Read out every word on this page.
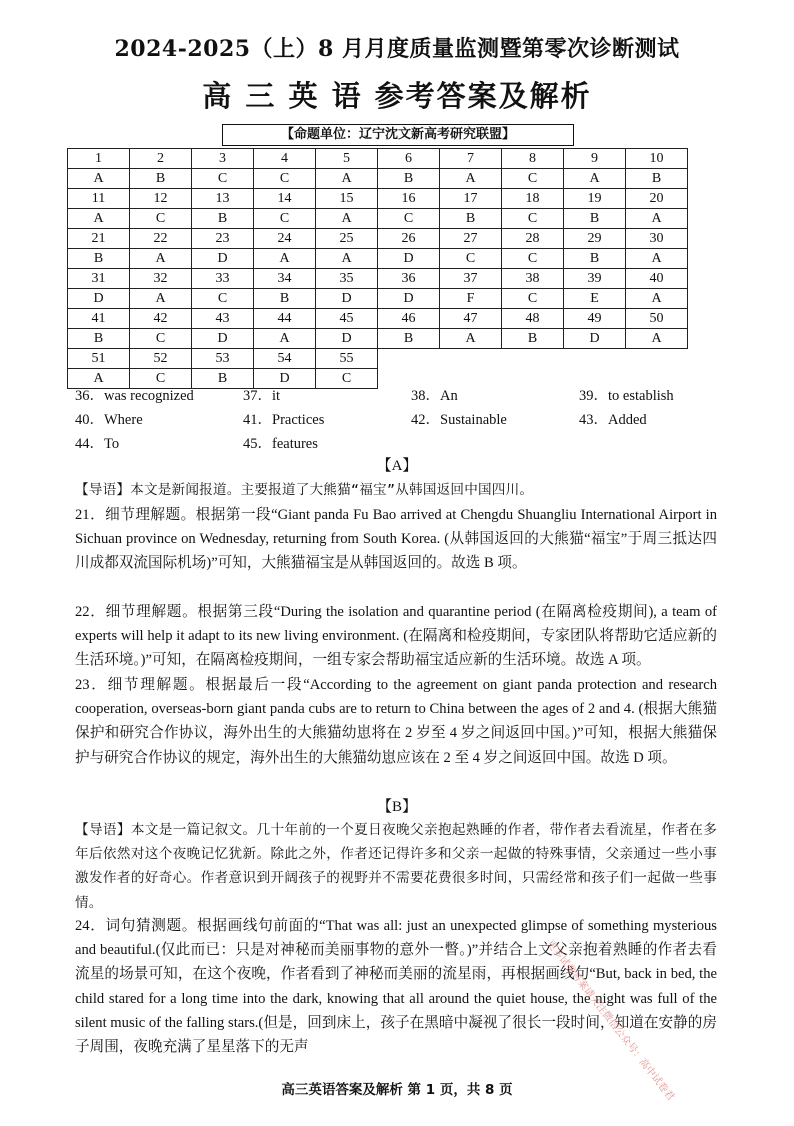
2024-2025（上）8 月月度质量监测暨第零次诊断测试
高 三 英 语 参考答案及解析
【命题单位：辽宁沈文新高考研究联盟】
1	2	3	4	5	6	7	8	9	10
A	B	C	C	A	B	A	C	A	B
11	12	13	14	15	16	17	18	19	20
A	C	B	C	A	C	B	C	B	A
21	22	23	24	25	26	27	28	29	30
B	A	D	A	A	D	C	C	B	A
31	32	33	34	35	36	37	38	39	40
D	A	C	B	D	D	F	C	E	A
41	42	43	44	45	46	47	48	49	50
B	C	D	A	D	B	A	B	D	A
51	52	53	54	55					
A	C	B	D	C					
36．was recognized	37．it	38．An	39．to establish
40．Where	41．Practices	42．Sustainable	43．Added
44．To	45．features
【A】
【导语】本文是新闻报道。主要报道了大熊猫“福宝”从韩国返回中国四川。
21．细节理解题。根据第一段“Giant panda Fu Bao arrived at Chengdu Shuangliu International Airport in Sichuan province on Wednesday, returning from South Korea. (从韩国返回的大熊猫“福宝”于周三抵达四川成都双流国际机场)”可知，大熊猫福宝是从韩国返回的。故选 B 项。
22．细节理解题。根据第三段“During the isolation and quarantine period (在隔离检疫期间), a team of experts will help it adapt to its new living environment. (在隔离和检疫期间，专家团队将帮助它适应新的生活环境。)”可知，在隔离检疫期间，一组专家会帮助福宝适应新的生活环境。故选 A 项。
23．细节理解题。根据最后一段“According to the agreement on giant panda protection and research cooperation, overseas-born giant panda cubs are to return to China between the ages of 2 and 4. (根据大熊猫保护和研究合作协议，海外出生的大熊猫幼崽将在 2 岁至 4 岁之间返回中国。)”可知，根据大熊猫保护与研究合作协议的规定，海外出生的大熊猫幼崽应该在 2 至 4 岁之间返回中国。故选 D 项。
【B】
【导语】本文是一篇记叙文。几十年前的一个夏日夜晚父亲抱起熟睡的作者，带作者去看流星，作者在多年后依然对这个夜晚记忆犹新。除此之外，作者还记得许多和父亲一起做的特殊事情，父亲通过一些小事激发作者的好奇心。作者意识到开阔孩子的视野并不需要花费很多时间，只需经常和孩子们一起做一些事情。
24．词句猜测题。根据画线句前面的“That was all: just an unexpected glimpse of something mysterious and beautiful.(仅此而已：只是对神秘而美丽事物的意外一瞥。)”并结合上文父亲抱着熟睡的作者去看流星的场景可知，在这个夜晚，作者看到了神秘而美丽的流星雨，再根据画线句“But, back in bed, the child stared for a long time into the dark, knowing that all around the quiet house, the night was full of the silent music of the falling stars.(但是，回到床上，孩子在黑暗中凝视了很长一段时间，知道在安静的房子周围，夜晚充满了星星落下的无声	更多试卷答案请关注微信公众号：高中试卷君
高三英语答案及解析 第 1 页，共 8 页
